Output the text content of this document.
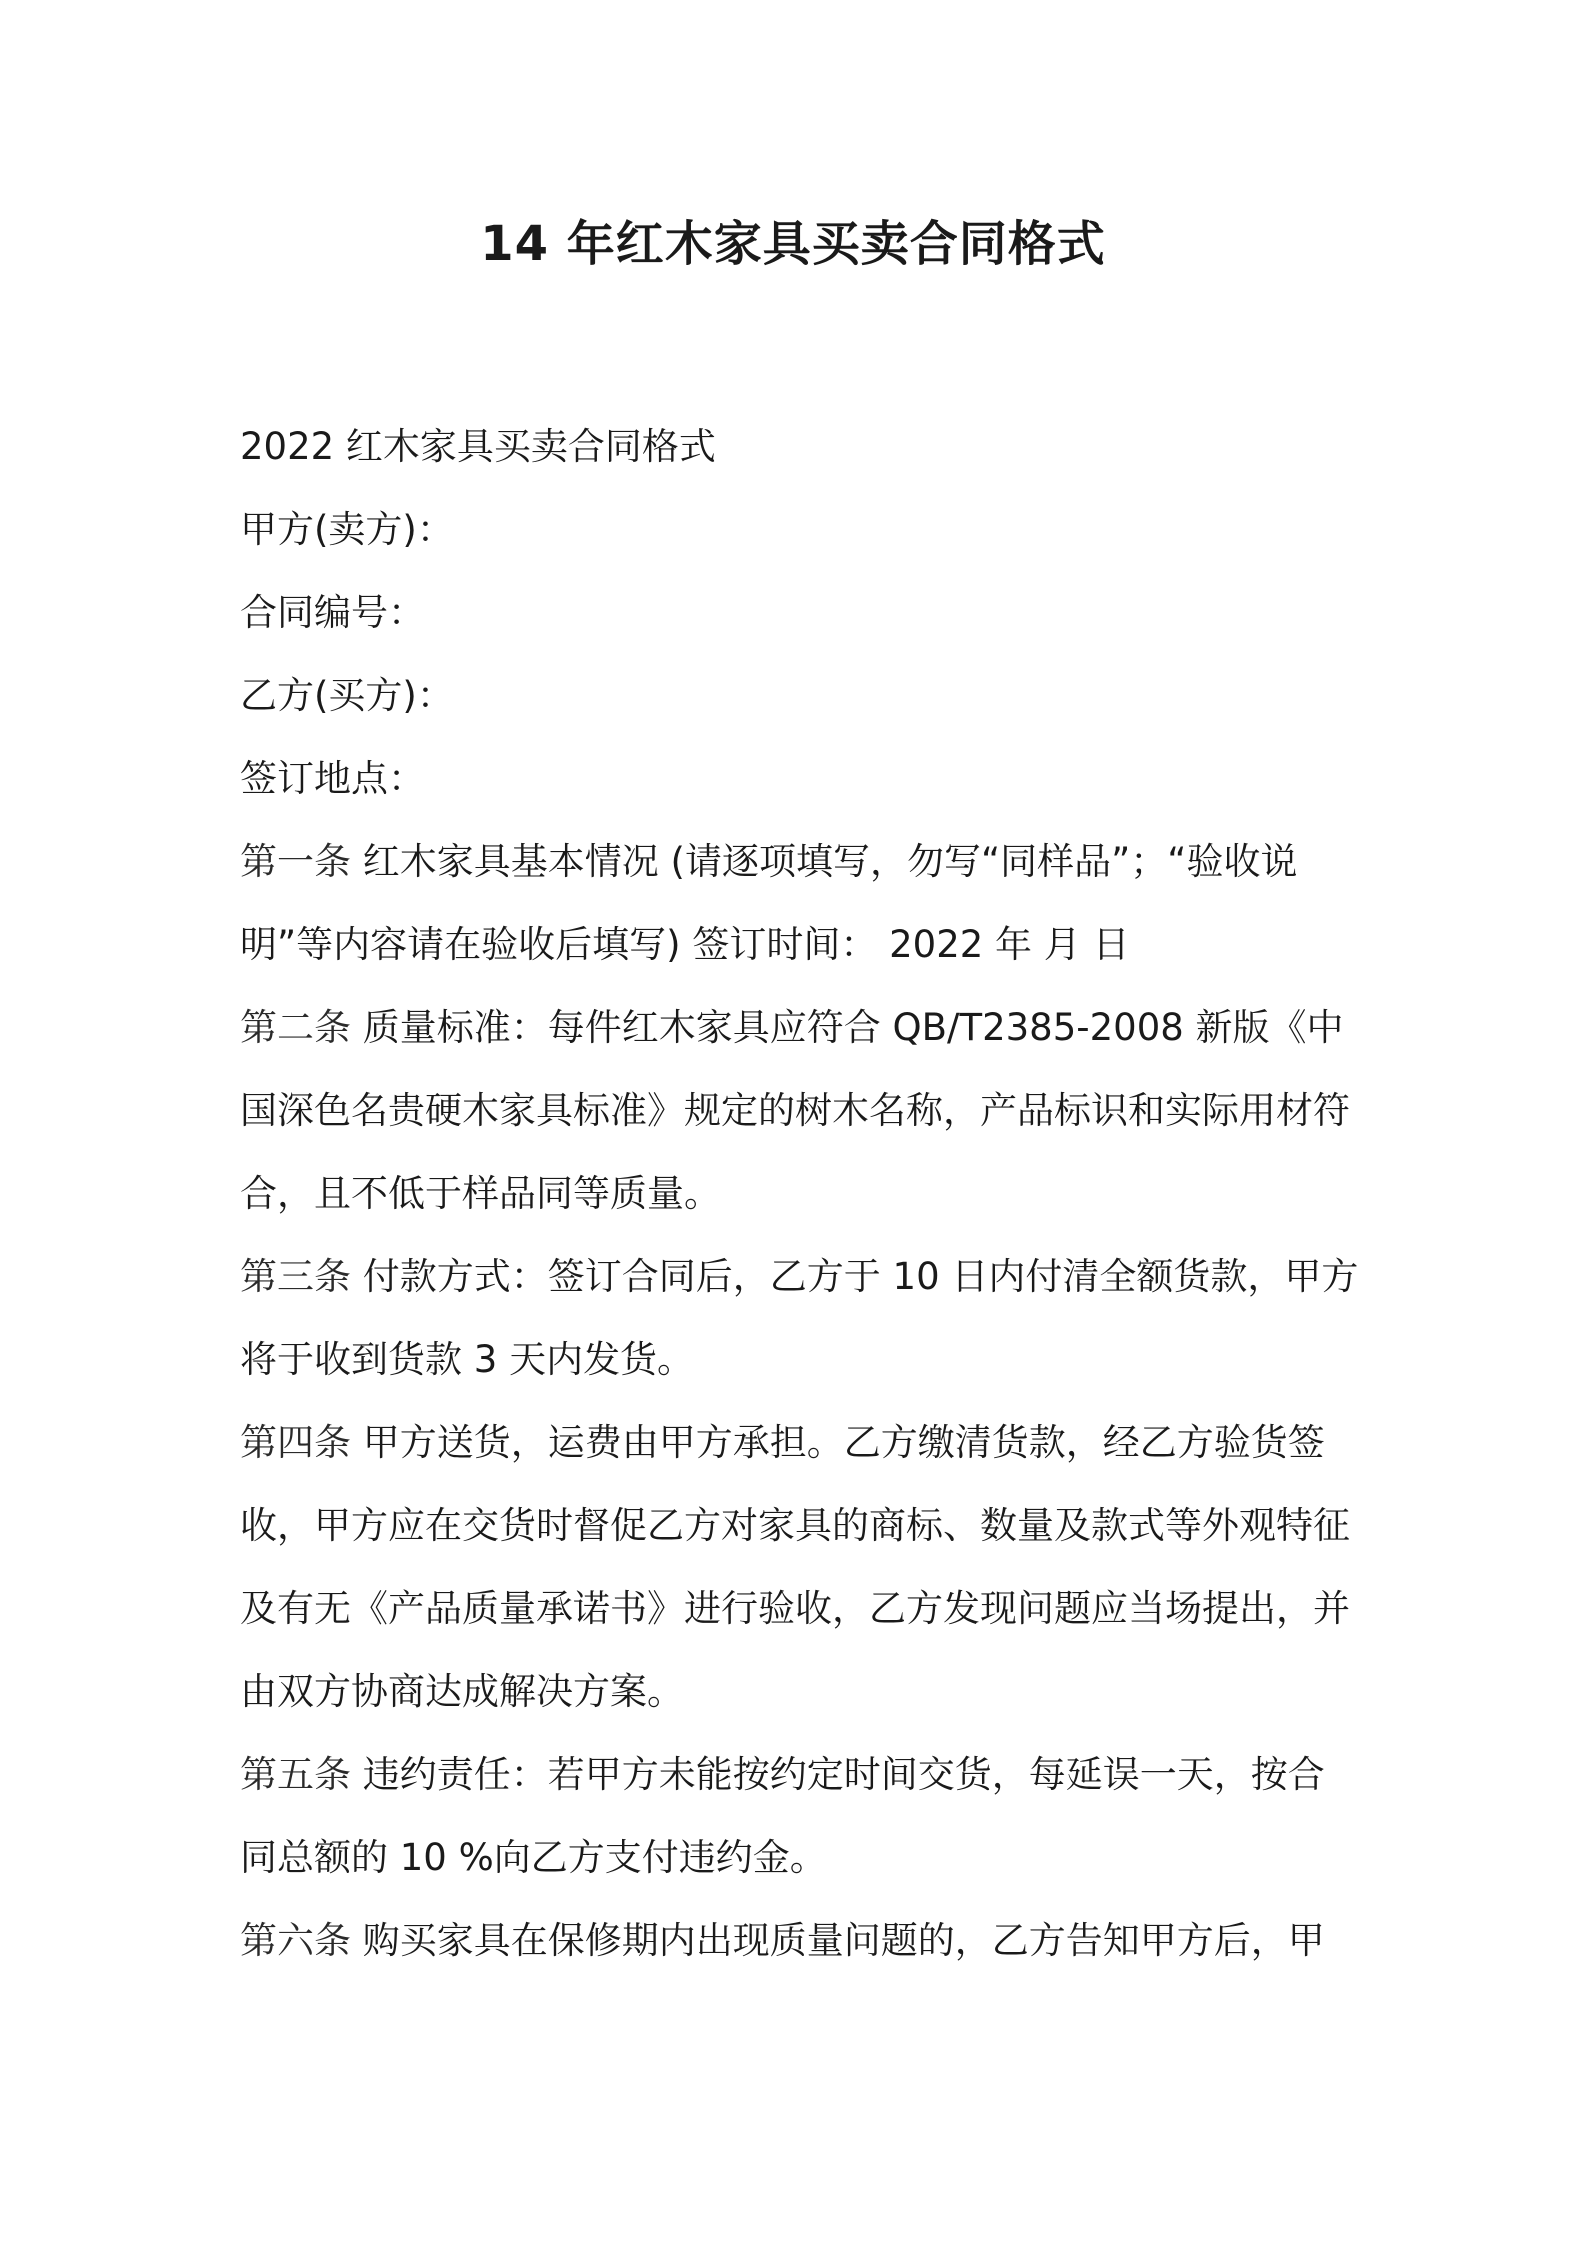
14 年红木家具买卖合同格式
2022 红木家具买卖合同格式
甲方(卖方)：
合同编号：
乙方(买方)：
签订地点：
第一条 红木家具基本情况 (请逐项填写，勿写“同样品”；“验收说
明”等内容请在验收后填写) 签订时间： 2022 年 月 日
第二条 质量标准：每件红木家具应符合 QB/T2385-2008 新版《中
国深色名贵硬木家具标准》规定的树木名称，产品标识和实际用材符
合，且不低于样品同等质量。
第三条 付款方式：签订合同后，乙方于 10 日内付清全额货款，甲方
将于收到货款 3 天内发货。
第四条 甲方送货，运费由甲方承担。乙方缴清货款，经乙方验货签
收，甲方应在交货时督促乙方对家具的商标、数量及款式等外观特征
及有无《产品质量承诺书》进行验收，乙方发现问题应当场提出，并
由双方协商达成解决方案。
第五条 违约责任：若甲方未能按约定时间交货，每延误一天，按合
同总额的 10 %向乙方支付违约金。
第六条 购买家具在保修期内出现质量问题的，乙方告知甲方后，甲
